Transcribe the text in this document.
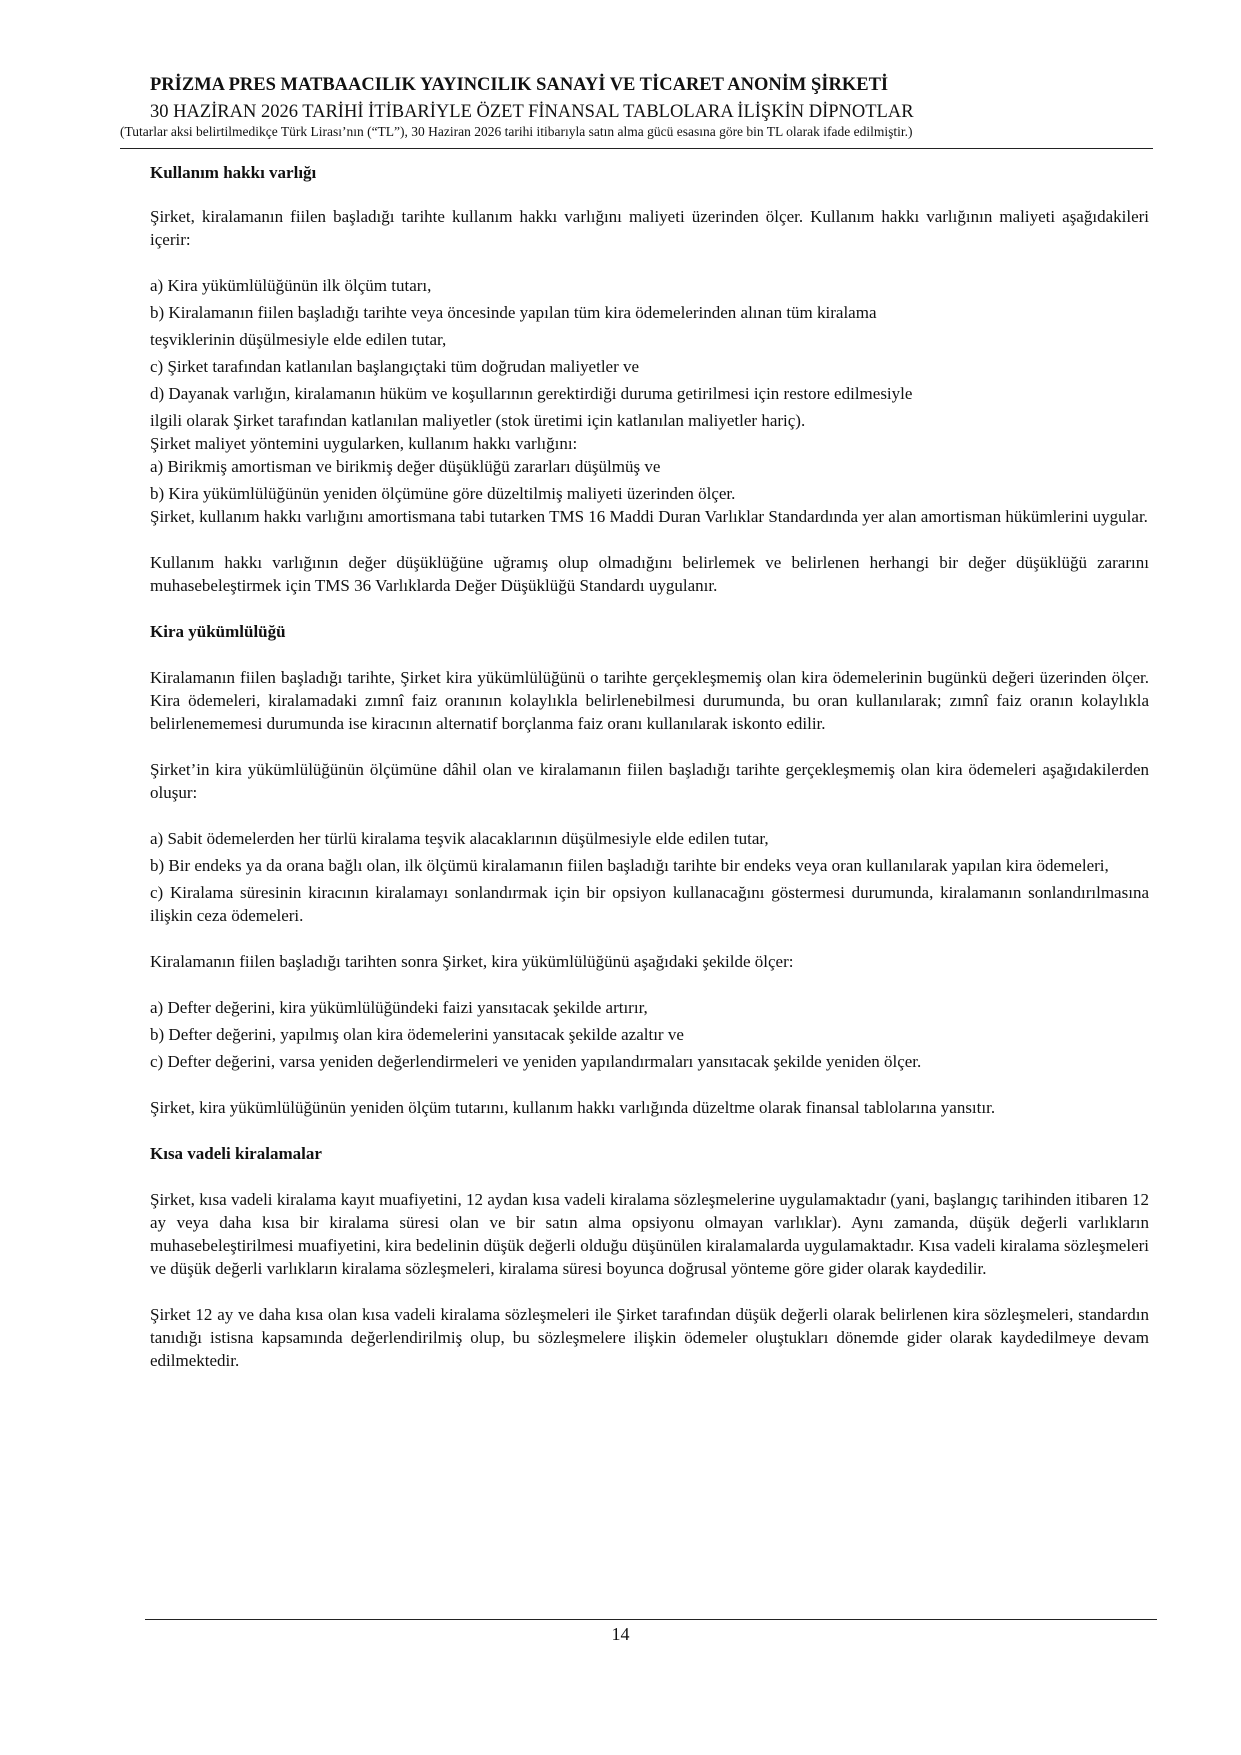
PRİZMA PRES MATBAACILIK YAYINCILIK SANAYİ VE TİCARET ANONİM ŞİRKETİ

30 HAZİRAN 2026 TARİHİ İTİBARİYLE ÖZET FİNANSAL TABLOLARA İLİŞKİN DİPNOTLAR

(Tutarlar aksi belirtilmedikçe Türk Lirası’nın (“TL”), 30 Haziran 2026 tarihi itibarıyla satın alma gücü esasına göre bin TL olarak ifade edilmiştir.)

Kullanım hakkı varlığı

Şirket, kiralamanın fiilen başladığı tarihte kullanım hakkı varlığını maliyeti üzerinden ölçer. Kullanım hakkı varlığının maliyeti aşağıdakileri içerir:

a) Kira yükümlülüğünün ilk ölçüm tutarı,

b) Kiralamanın fiilen başladığı tarihte veya öncesinde yapılan tüm kira ödemelerinden alınan tüm kiralama

teşviklerinin düşülmesiyle elde edilen tutar,

c) Şirket tarafından katlanılan başlangıçtaki tüm doğrudan maliyetler ve

d) Dayanak varlığın, kiralamanın hüküm ve koşullarının gerektirdiği duruma getirilmesi için restore edilmesiyle

ilgili olarak Şirket tarafından katlanılan maliyetler (stok üretimi için katlanılan maliyetler hariç).

Şirket maliyet yöntemini uygularken, kullanım hakkı varlığını:

a) Birikmiş amortisman ve birikmiş değer düşüklüğü zararları düşülmüş ve

b) Kira yükümlülüğünün yeniden ölçümüne göre düzeltilmiş maliyeti üzerinden ölçer.

Şirket, kullanım hakkı varlığını amortismana tabi tutarken TMS 16 Maddi Duran Varlıklar Standardında yer alan amortisman hükümlerini uygular.

Kullanım hakkı varlığının değer düşüklüğüne uğramış olup olmadığını belirlemek ve belirlenen herhangi bir değer düşüklüğü zararını muhasebeleştirmek için TMS 36 Varlıklarda Değer Düşüklüğü Standardı uygulanır.

Kira yükümlülüğü

Kiralamanın fiilen başladığı tarihte, Şirket kira yükümlülüğünü o tarihte gerçekleşmemiş olan kira ödemelerinin bugünkü değeri üzerinden ölçer. Kira ödemeleri, kiralamadaki zımnî faiz oranının kolaylıkla belirlenebilmesi durumunda, bu oran kullanılarak; zımnî faiz oranın kolaylıkla belirlenememesi durumunda ise kiracının alternatif borçlanma faiz oranı kullanılarak iskonto edilir.

Şirket’in kira yükümlülüğünün ölçümüne dâhil olan ve kiralamanın fiilen başladığı tarihte gerçekleşmemiş olan kira ödemeleri aşağıdakilerden oluşur:

a) Sabit ödemelerden her türlü kiralama teşvik alacaklarının düşülmesiyle elde edilen tutar,

b) Bir endeks ya da orana bağlı olan, ilk ölçümü kiralamanın fiilen başladığı tarihte bir endeks veya oran kullanılarak yapılan kira ödemeleri,

c) Kiralama süresinin kiracının kiralamayı sonlandırmak için bir opsiyon kullanacağını göstermesi durumunda, kiralamanın sonlandırılmasına ilişkin ceza ödemeleri.

Kiralamanın fiilen başladığı tarihten sonra Şirket, kira yükümlülüğünü aşağıdaki şekilde ölçer:

a) Defter değerini, kira yükümlülüğündeki faizi yansıtacak şekilde artırır,

b) Defter değerini, yapılmış olan kira ödemelerini yansıtacak şekilde azaltır ve

c) Defter değerini, varsa yeniden değerlendirmeleri ve yeniden yapılandırmaları yansıtacak şekilde yeniden ölçer.

Şirket, kira yükümlülüğünün yeniden ölçüm tutarını, kullanım hakkı varlığında düzeltme olarak finansal tablolarına yansıtır.

Kısa vadeli kiralamalar

Şirket, kısa vadeli kiralama kayıt muafiyetini, 12 aydan kısa vadeli kiralama sözleşmelerine uygulamaktadır (yani, başlangıç tarihinden itibaren 12 ay veya daha kısa bir kiralama süresi olan ve bir satın alma opsiyonu olmayan varlıklar). Aynı zamanda, düşük değerli varlıkların muhasebeleştirilmesi muafiyetini, kira bedelinin düşük değerli olduğu düşünülen kiralamalarda uygulamaktadır. Kısa vadeli kiralama sözleşmeleri ve düşük değerli varlıkların kiralama sözleşmeleri, kiralama süresi boyunca doğrusal yönteme göre gider olarak kaydedilir.

Şirket 12 ay ve daha kısa olan kısa vadeli kiralama sözleşmeleri ile Şirket tarafından düşük değerli olarak belirlenen kira sözleşmeleri, standardın tanıdığı istisna kapsamında değerlendirilmiş olup, bu sözleşmelere ilişkin ödemeler oluştukları dönemde gider olarak kaydedilmeye devam edilmektedir.

14
